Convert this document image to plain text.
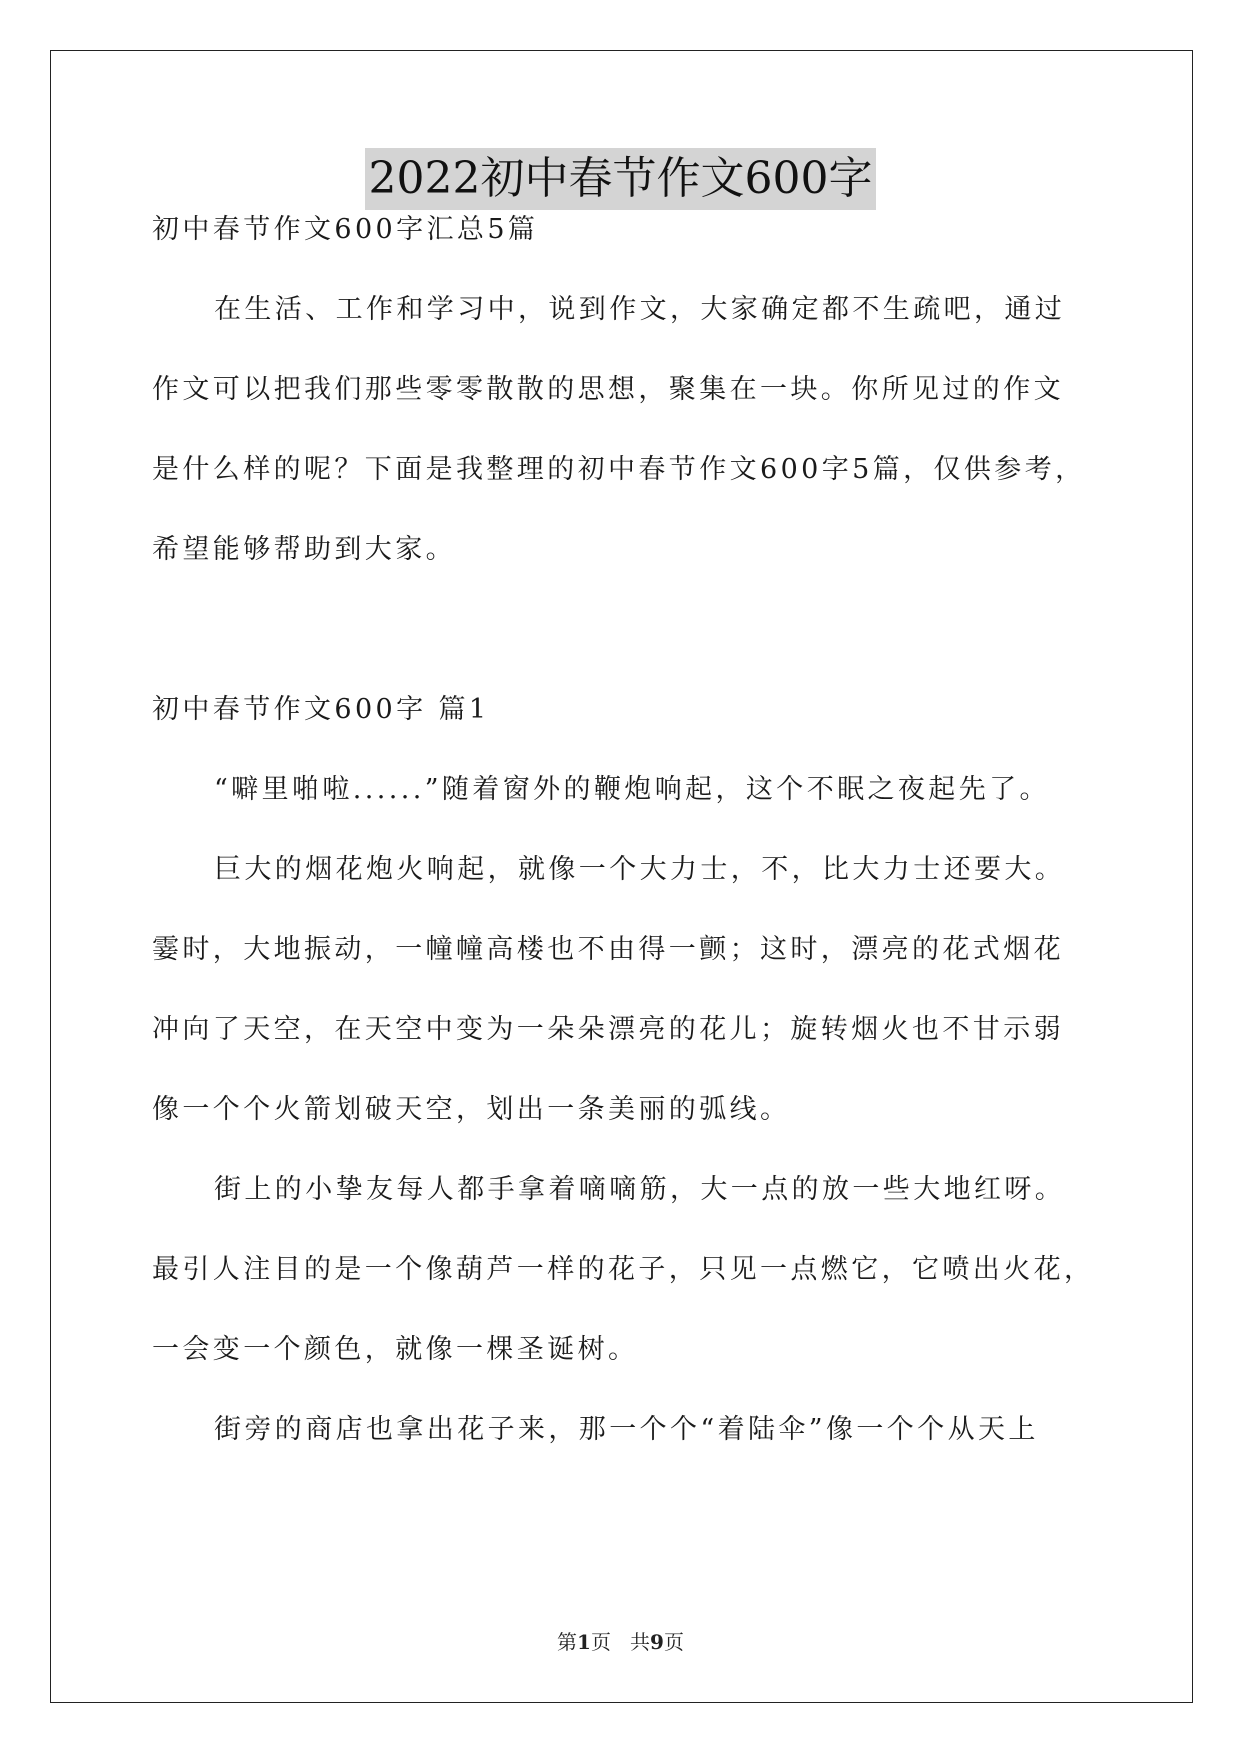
2022初中春节作文600字
初中春节作文600字汇总5篇
在生活、工作和学习中，说到作文，大家确定都不生疏吧，通过
作文可以把我们那些零零散散的思想，聚集在一块。你所见过的作文
是什么样的呢？下面是我整理的初中春节作文600字5篇，仅供参考，
希望能够帮助到大家。
初中春节作文600字 篇1
“噼里啪啦......”随着窗外的鞭炮响起，这个不眠之夜起先了。
巨大的烟花炮火响起，就像一个大力士，不，比大力士还要大。
霎时，大地振动，一幢幢高楼也不由得一颤；这时，漂亮的花式烟花
冲向了天空，在天空中变为一朵朵漂亮的花儿；旋转烟火也不甘示弱
像一个个火箭划破天空，划出一条美丽的弧线。
街上的小挚友每人都手拿着嘀嘀筋，大一点的放一些大地红呀。
最引人注目的是一个像葫芦一样的花子，只见一点燃它，它喷出火花，
一会变一个颜色，就像一棵圣诞树。
街旁的商店也拿出花子来，那一个个“着陆伞”像一个个从天上
第1页   共9页
